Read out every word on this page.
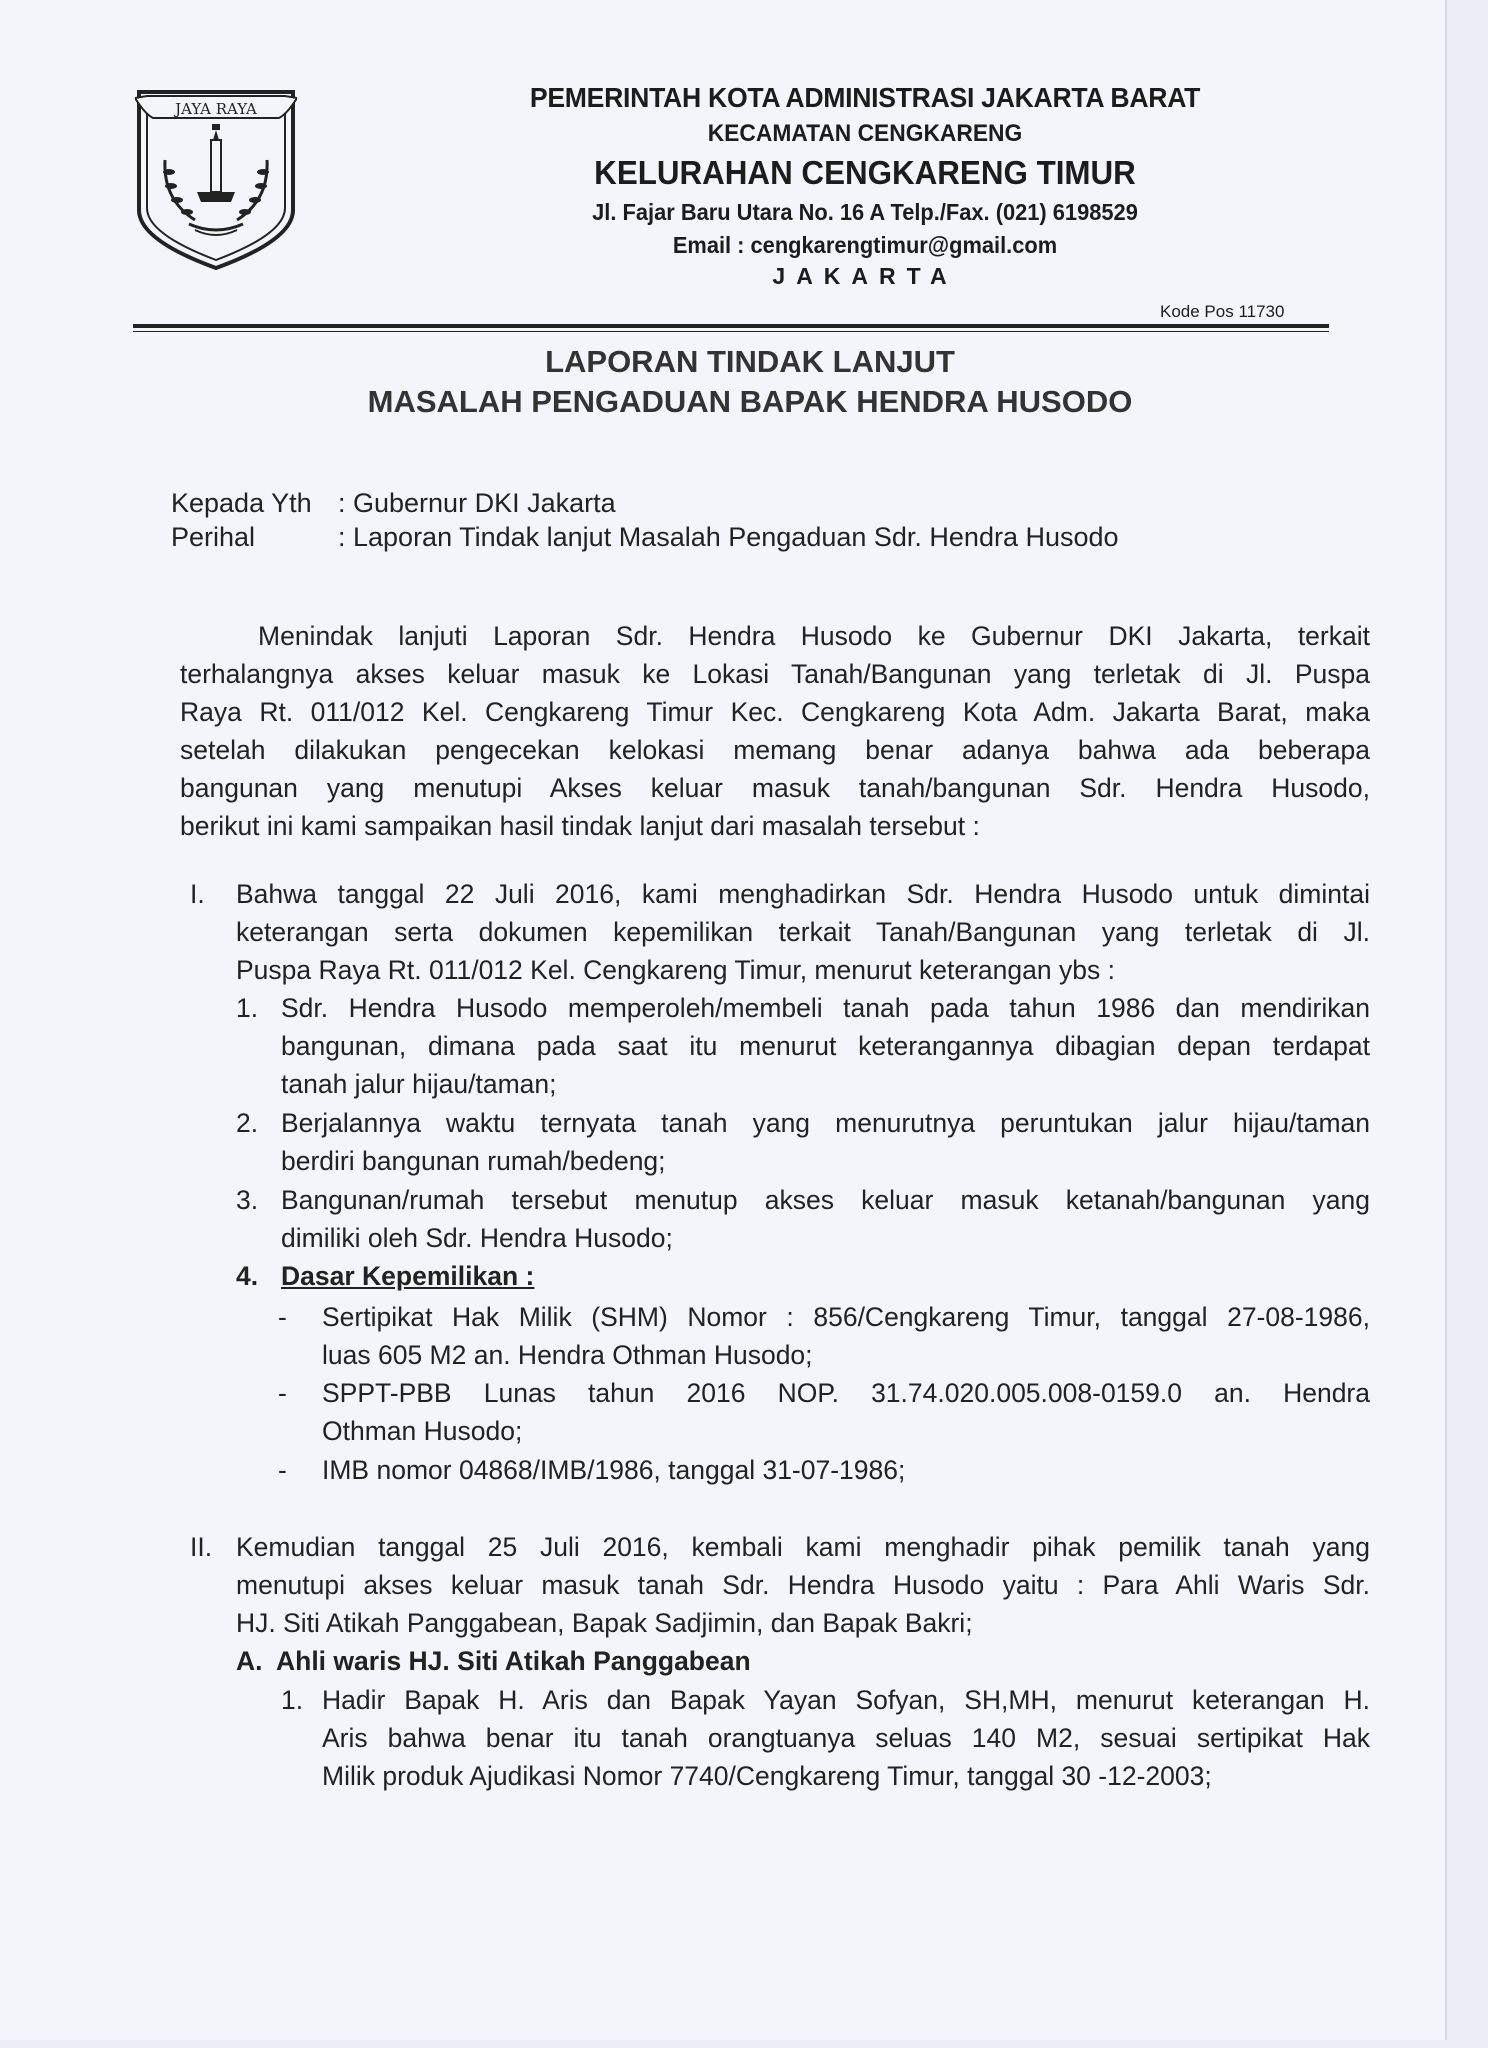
JAYA RAYA	PEMERINTAH KOTA ADMINISTRASI JAKARTA BARAT
KECAMATAN CENGKARENG
KELURAHAN CENGKARENG TIMUR
Jl. Fajar Baru Utara No. 16 A Telp./Fax. (021) 6198529
Email : cengkarengtimur@gmail.com
JAKARTA
Kode Pos 11730
LAPORAN TINDAK LANJUT
MASALAH PENGADUAN BAPAK HENDRA HUSODO
Kepada Yth : Gubernur DKI Jakarta
Perihal	: Laporan Tindak lanjut Masalah Pengaduan Sdr. Hendra Husodo
Menindak lanjuti Laporan Sdr. Hendra Husodo ke Gubernur DKI Jakarta, terkait
terhalangnya akses keluar masuk ke Lokasi Tanah/Bangunan yang terletak di Jl. Puspa
Raya Rt. 011/012 Kel. Cengkareng Timur Kec. Cengkareng Kota Adm. Jakarta Barat, maka
setelah dilakukan pengecekan kelokasi memang benar adanya bahwa ada beberapa
bangunan yang menutupi Akses keluar masuk tanah/bangunan Sdr. Hendra Husodo,
berikut ini kami sampaikan hasil tindak lanjut dari masalah tersebut :
I. Bahwa tanggal 22 Juli 2016, kami menghadirkan Sdr. Hendra Husodo untuk dimintai
keterangan serta dokumen kepemilikan terkait Tanah/Bangunan yang terletak di Jl.
Puspa Raya Rt. 011/012 Kel. Cengkareng Timur, menurut keterangan ybs :
1. Sdr. Hendra Husodo memperoleh/membeli tanah pada tahun 1986 dan mendirikan
bangunan, dimana pada saat itu menurut keterangannya dibagian depan terdapat
tanah jalur hijau/taman;
2. Berjalannya waktu ternyata tanah yang menurutnya peruntukan jalur hijau/taman
berdiri bangunan rumah/bedeng;
3. Bangunan/rumah tersebut menutup akses keluar masuk ketanah/bangunan yang
dimiliki oleh Sdr. Hendra Husodo;
4. Dasar Kepemilikan :
- Sertipikat Hak Milik (SHM) Nomor : 856/Cengkareng Timur, tanggal 27-08-1986,
luas 605 M2 an. Hendra Othman Husodo;
- SPPT-PBB Lunas tahun 2016 NOP. 31.74.020.005.008-0159.0 an. Hendra
Othman Husodo;
- IMB nomor 04868/IMB/1986, tanggal 31-07-1986;
II. Kemudian tanggal 25 Juli 2016, kembali kami menghadir pihak pemilik tanah yang
menutupi akses keluar masuk tanah Sdr. Hendra Husodo yaitu : Para Ahli Waris Sdr.
HJ. Siti Atikah Panggabean, Bapak Sadjimin, dan Bapak Bakri;
A. Ahli waris HJ. Siti Atikah Panggabean
1. Hadir Bapak H. Aris dan Bapak Yayan Sofyan, SH,MH, menurut keterangan H.
Aris bahwa benar itu tanah orangtuanya seluas 140 M2, sesuai sertipikat Hak
Milik produk Ajudikasi Nomor 7740/Cengkareng Timur, tanggal 30 -12-2003;
